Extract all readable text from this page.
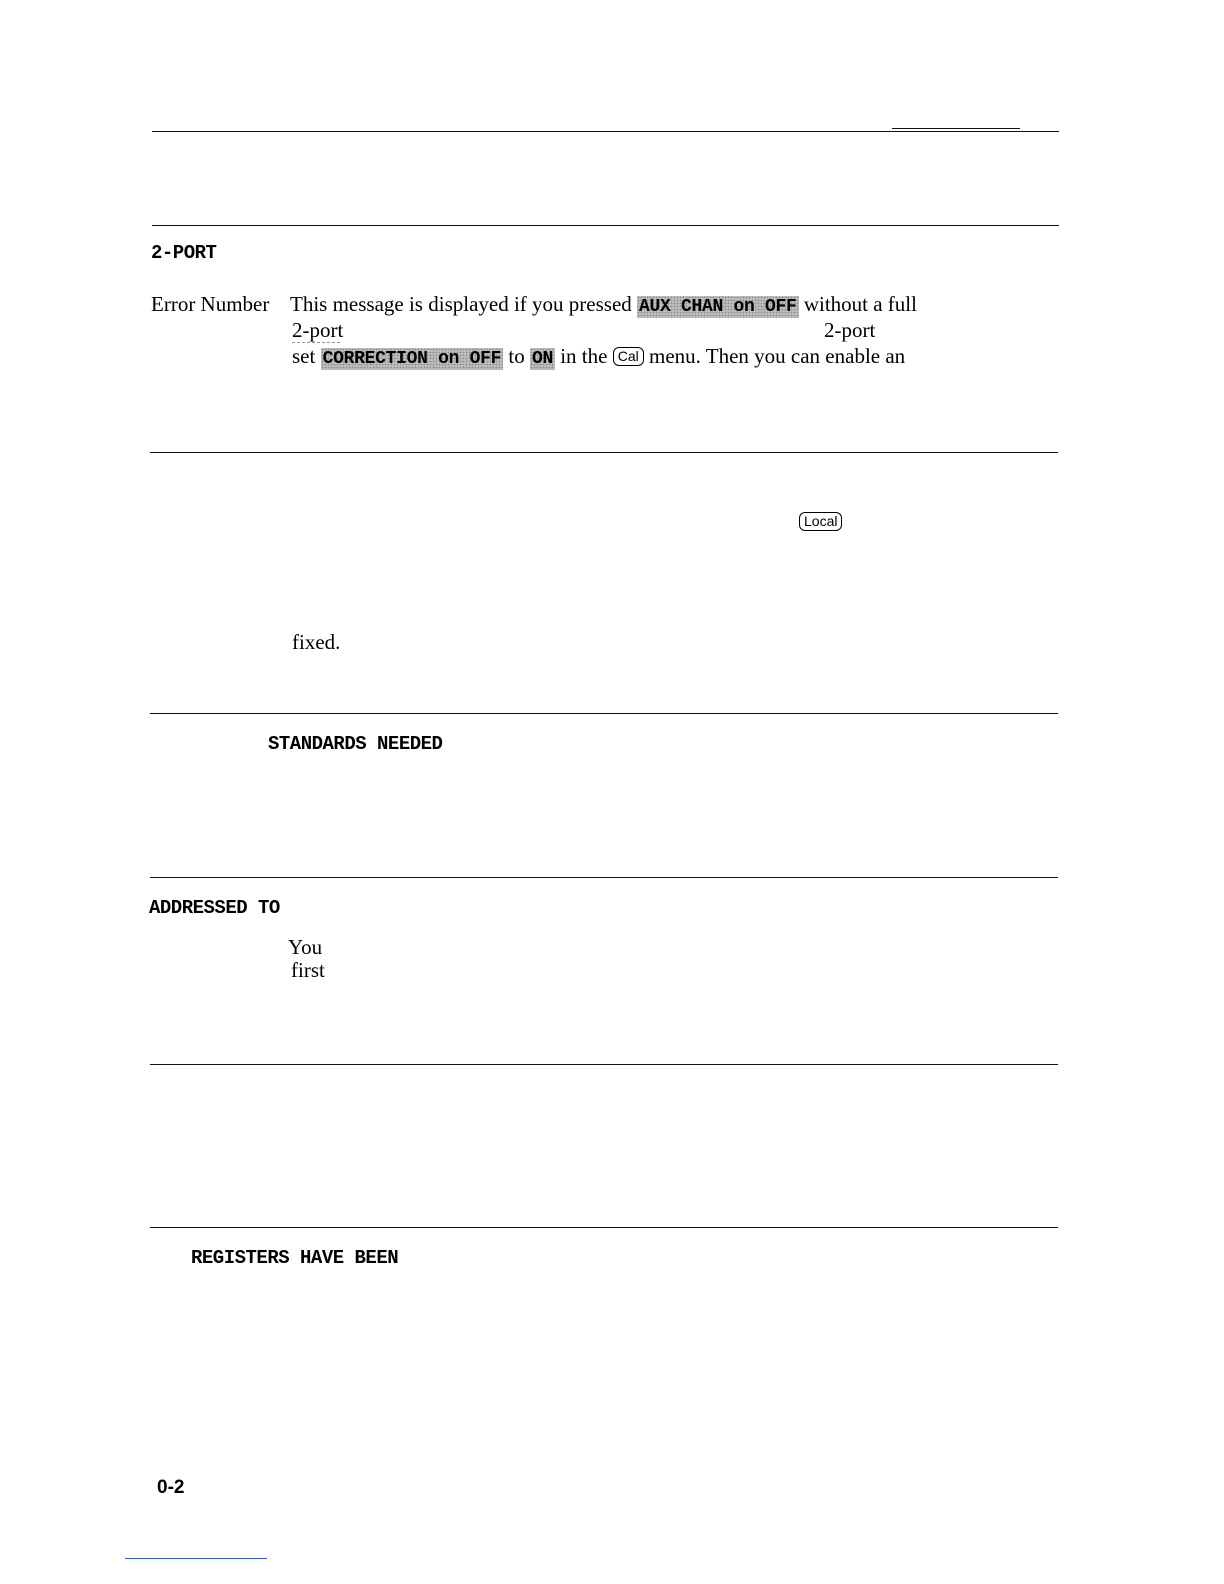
2-PORT
Error Number This message is displayed if you pressed AUX CHAN on OFF without a full
2-port	2-port
set CORRECTION on OFF to ON in the Cal menu. Then you can enable an
Local
fixed.
STANDARDS NEEDED
ADDRESSED TO
You
first
REGISTERS HAVE BEEN
0-2
